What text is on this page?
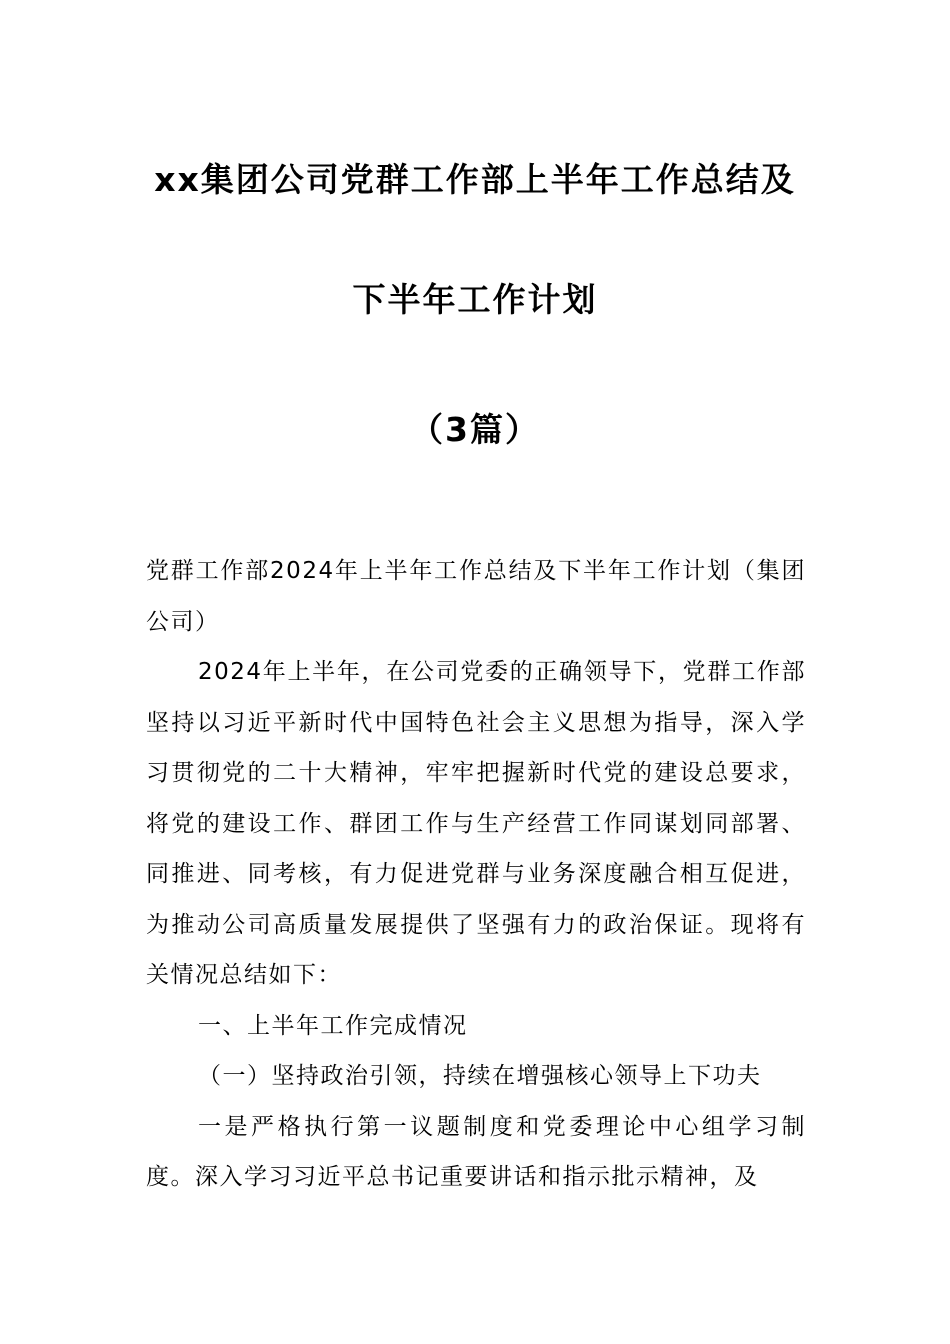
xx集团公司党群工作部上半年工作总结及
下半年工作计划
（3篇）

党群工作部2024年上半年工作总结及下半年工作计划（集团公司）

2024年上半年，在公司党委的正确领导下，党群工作部坚持以习近平新时代中国特色社会主义思想为指导，深入学习贯彻党的二十大精神，牢牢把握新时代党的建设总要求，将党的建设工作、群团工作与生产经营工作同谋划同部署、同推进、同考核，有力促进党群与业务深度融合相互促进，为推动公司高质量发展提供了坚强有力的政治保证。现将有关情况总结如下：

一、上半年工作完成情况

（一）坚持政治引领，持续在增强核心领导上下功夫

一是严格执行第一议题制度和党委理论中心组学习制度。深入学习习近平总书记重要讲话和指示批示精神，及
